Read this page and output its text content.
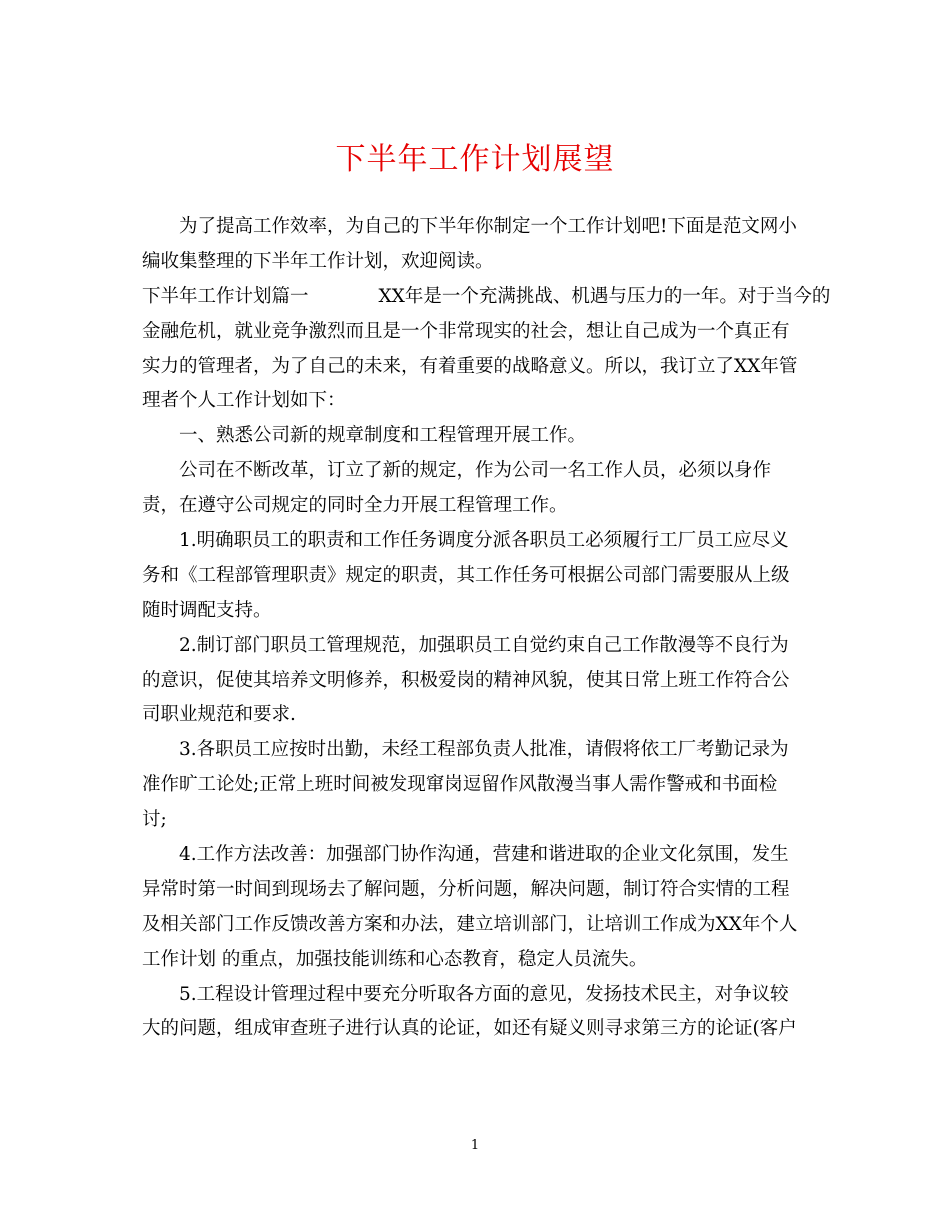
下半年工作计划展望
为了提高工作效率，为自己的下半年你制定一个工作计划吧!下面是范文网小
编收集整理的下半年工作计划，欢迎阅读。
下半年工作计划篇一	XX年是一个充满挑战、机遇与压力的一年。对于当今的
金融危机，就业竞争激烈而且是一个非常现实的社会，想让自己成为一个真正有
实力的管理者，为了自己的未来，有着重要的战略意义。所以，我订立了XX年管
理者个人工作计划如下：
一、熟悉公司新的规章制度和工程管理开展工作。
公司在不断改革，订立了新的规定，作为公司一名工作人员，必须以身作
责，在遵守公司规定的同时全力开展工程管理工作。
1.明确职员工的职责和工作任务调度分派各职员工必须履行工厂员工应尽义
务和《工程部管理职责》规定的职责，其工作任务可根据公司部门需要服从上级
随时调配支持。
2.制订部门职员工管理规范，加强职员工自觉约束自己工作散漫等不良行为
的意识，促使其培养文明修养，积极爱岗的精神风貌，使其日常上班工作符合公
司职业规范和要求.
3.各职员工应按时出勤，未经工程部负责人批准，请假将依工厂考勤记录为
准作旷工论处;正常上班时间被发现窜岗逗留作风散漫当事人需作警戒和书面检
讨;
4.工作方法改善：加强部门协作沟通，营建和谐进取的企业文化氛围，发生
异常时第一时间到现场去了解问题，分析问题，解决问题，制订符合实情的工程
及相关部门工作反馈改善方案和办法，建立培训部门，让培训工作成为XX年个人
工作计划 的重点，加强技能训练和心态教育，稳定人员流失。
5.工程设计管理过程中要充分听取各方面的意见，发扬技术民主，对争议较
大的问题，组成审查班子进行认真的论证，如还有疑义则寻求第三方的论证(客户
1
